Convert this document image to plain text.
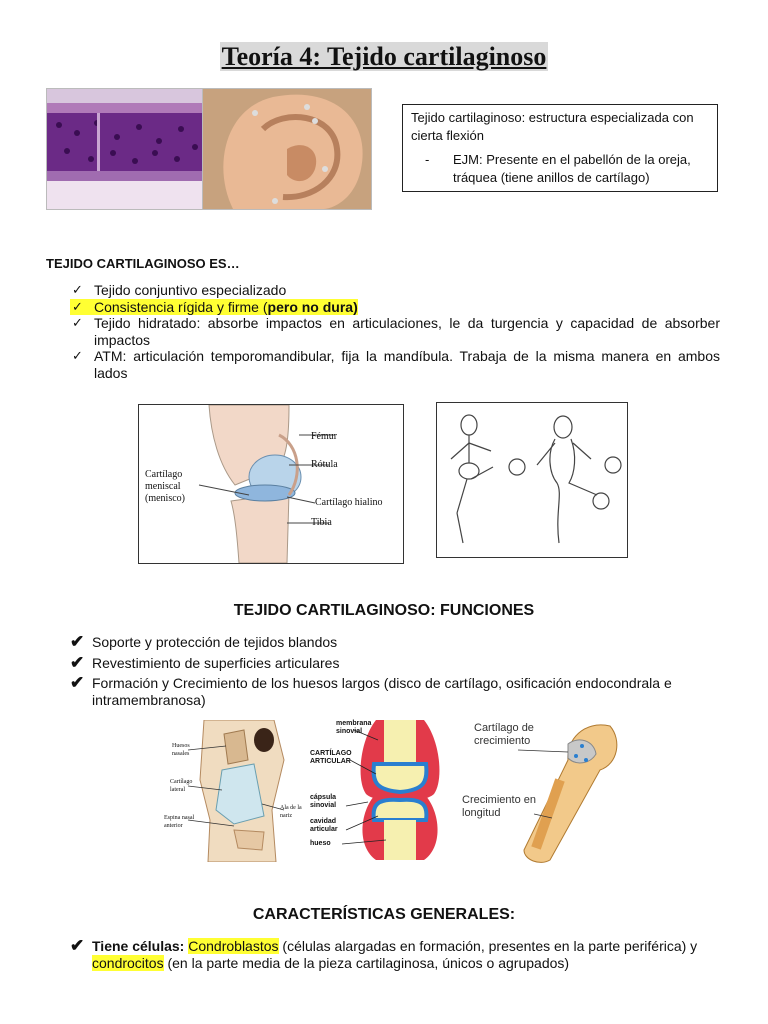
Teoría 4: Tejido cartilaginoso
Tejido cartilaginoso: estructura especializada con cierta flexión
-	EJM: Presente en el pabellón de la oreja, tráquea (tiene anillos de cartílago)
TEJIDO CARTILAGINOSO ES…
✓ Tejido conjuntivo especializado
✓ Consistencia rígida y firme (pero no dura)
✓ Tejido hidratado: absorbe impactos en articulaciones, le da turgencia y capacidad de absorber impactos
✓ ATM: articulación temporomandibular, fija la mandíbula. Trabaja de la misma manera en ambos lados
Fémur
Rótula
Cartílago meniscal (menisco)	Cartílago hialino
Tibia
TEJIDO CARTILAGINOSO: FUNCIONES
✔ Soporte y protección de tejidos blandos
✔ Revestimiento de superficies articulares
✔ Formación y Crecimiento de los huesos largos (disco de cartílago, osificación endocondrala e intramembranosa)
Huesos nasales
Cartílago lateral
Espina nasal anterior
Ala de la nariz
membrana sinovial
CARTÍLAGO ARTICULAR
cápsula sinovial
cavidad articular
hueso
Cartílago de crecimiento
Crecimiento en longitud
CARACTERÍSTICAS GENERALES:
✔ Tiene células: Condroblastos (células alargadas en formación, presentes en la parte periférica) y condrocitos (en la parte media de la pieza cartilaginosa, únicos o agrupados)
